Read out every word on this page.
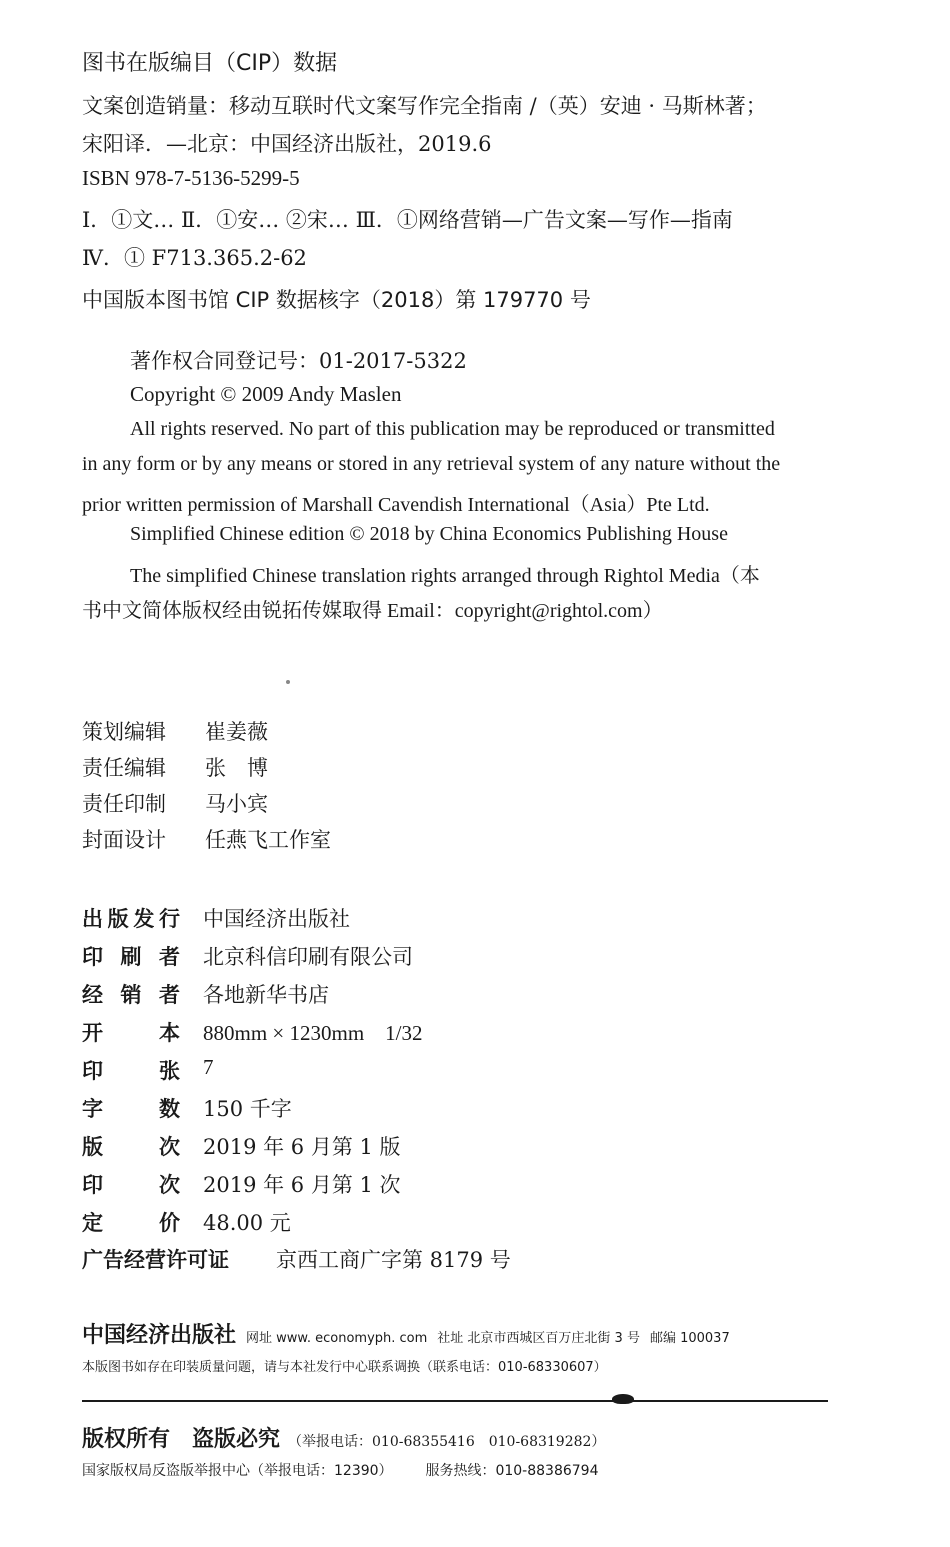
图书在版编目（CIP）数据
文案创造销量：移动互联时代文案写作完全指南 /（英）安迪 · 马斯林著；
宋阳译．—北京：中国经济出版社，2019.6
ISBN 978-7-5136-5299-5
Ⅰ．①文… Ⅱ．①安… ②宋… Ⅲ．①网络营销—广告文案—写作—指南
Ⅳ．① F713.365.2-62
中国版本图书馆 CIP 数据核字（2018）第 179770 号
著作权合同登记号：01-2017-5322
Copyright © 2009 Andy Maslen
All rights reserved. No part of this publication may be reproduced or transmitted
in any form or by any means or stored in any retrieval system of any nature without the
prior written permission of Marshall Cavendish International（Asia）Pte Ltd.
Simplified Chinese edition © 2018 by China Economics Publishing House
The simplified Chinese translation rights arranged through Rightol Media（本
书中文简体版权经由锐拓传媒取得 Email：copyright@rightol.com）
策划编辑	崔姜薇
责任编辑	张　博
责任印制	马小宾
封面设计	任燕飞工作室
出 版 发 行 中国经济出版社
印 刷 者 北京科信印刷有限公司
经 销 者 各地新华书店
开	本 880mm × 1230mm　1/32
印	张 7
字	数 150 千字
版	次 2019 年 6 月第 1 版
印	次 2019 年 6 月第 1 次
定	价 48.00 元
广告经营许可证 京西工商广字第 8179 号
中国经济出版社 网址 www. economyph. com 社址 北京市西城区百万庄北街 3 号 邮编 100037
本版图书如存在印装质量问题，请与本社发行中心联系调换（联系电话：010-68330607）
版权所有　盗版必究 （举报电话：010-68355416　010-68319282）
国家版权局反盗版举报中心（举报电话：12390） 服务热线：010-88386794
